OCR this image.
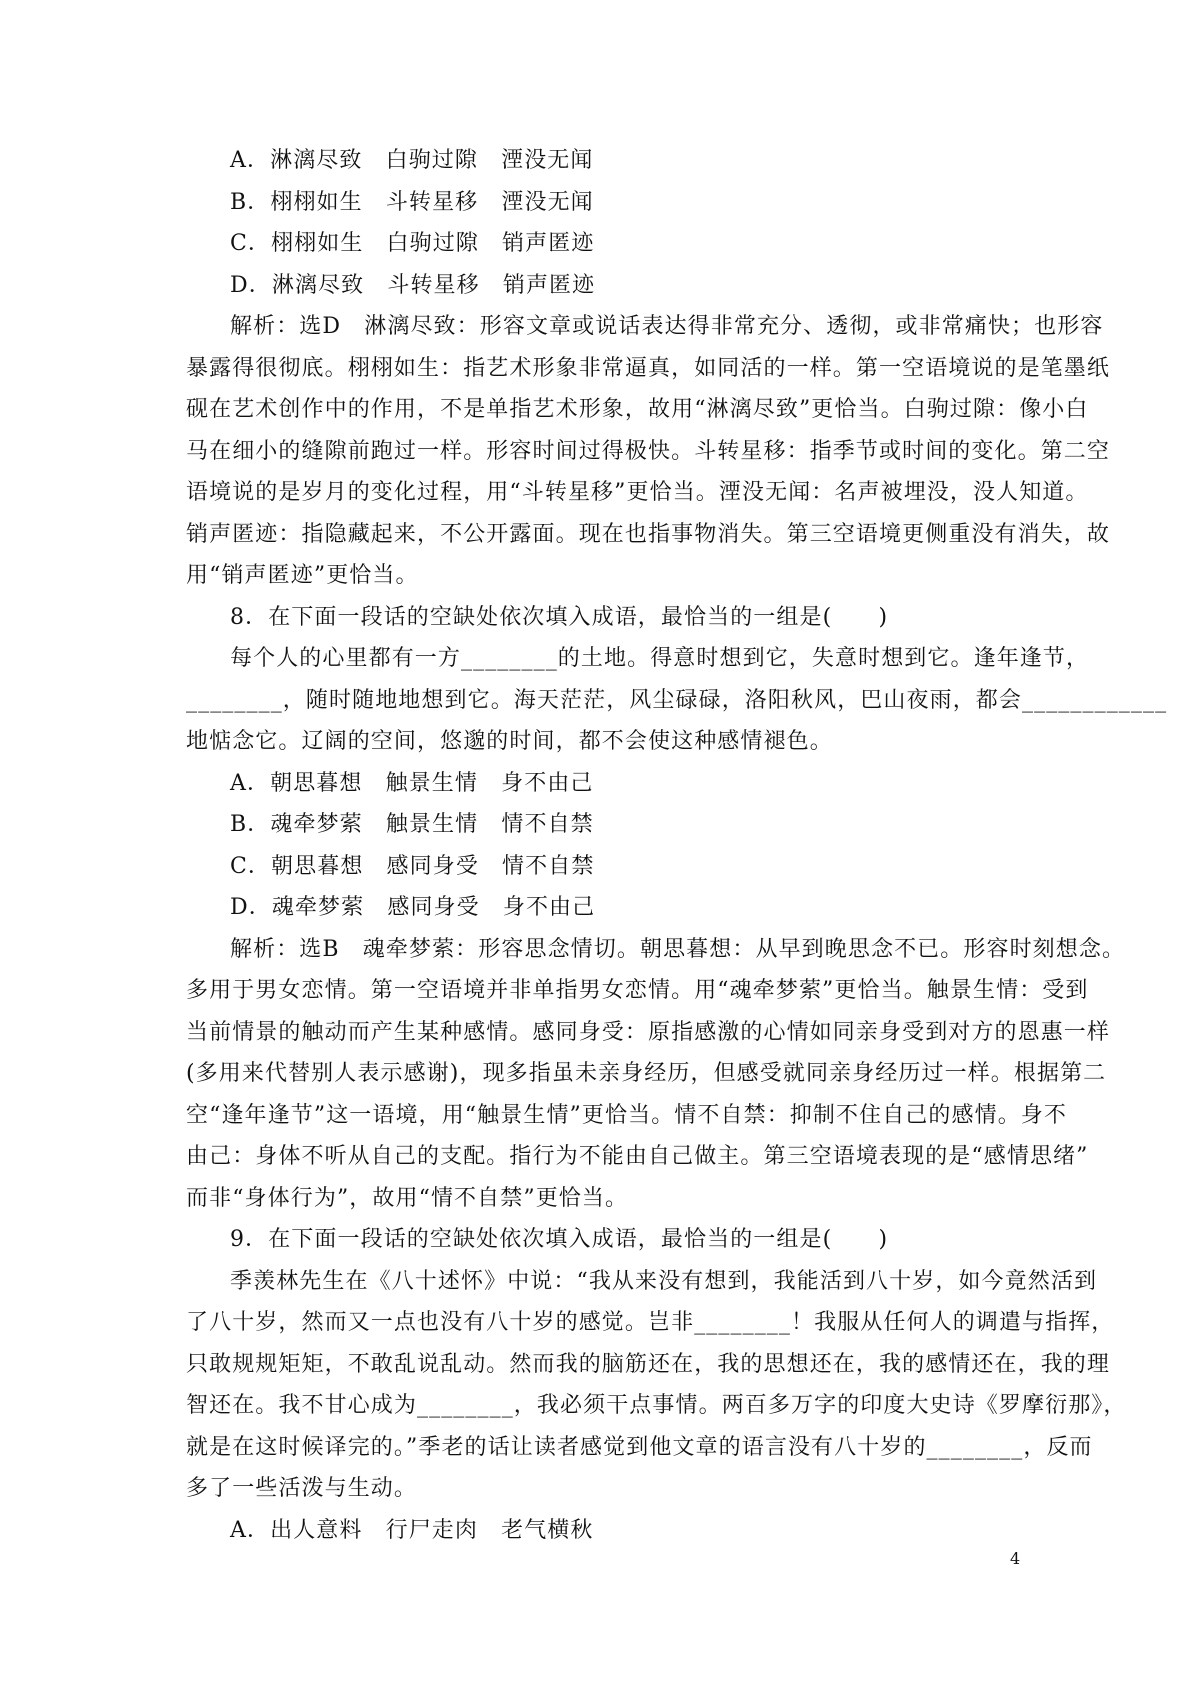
A．淋漓尽致　白驹过隙　湮没无闻
B．栩栩如生　斗转星移　湮没无闻
C．栩栩如生　白驹过隙　销声匿迹
D．淋漓尽致　斗转星移　销声匿迹
解析：选D　淋漓尽致：形容文章或说话表达得非常充分、透彻，或非常痛快；也形容
暴露得很彻底。栩栩如生：指艺术形象非常逼真，如同活的一样。第一空语境说的是笔墨纸
砚在艺术创作中的作用，不是单指艺术形象，故用“淋漓尽致”更恰当。白驹过隙：像小白
马在细小的缝隙前跑过一样。形容时间过得极快。斗转星移：指季节或时间的变化。第二空
语境说的是岁月的变化过程，用“斗转星移”更恰当。湮没无闻：名声被埋没，没人知道。
销声匿迹：指隐藏起来，不公开露面。现在也指事物消失。第三空语境更侧重没有消失，故
用“销声匿迹”更恰当。
8．在下面一段话的空缺处依次填入成语，最恰当的一组是(　　)
每个人的心里都有一方________的土地。得意时想到它，失意时想到它。逢年逢节，
________，随时随地地想到它。海天茫茫，风尘碌碌，洛阳秋风，巴山夜雨，都会____________
地惦念它。辽阔的空间，悠邈的时间，都不会使这种感情褪色。
A．朝思暮想　触景生情　身不由己
B．魂牵梦萦　触景生情　情不自禁
C．朝思暮想　感同身受　情不自禁
D．魂牵梦萦　感同身受　身不由己
解析：选B　魂牵梦萦：形容思念情切。朝思暮想：从早到晚思念不已。形容时刻想念。
多用于男女恋情。第一空语境并非单指男女恋情。用“魂牵梦萦”更恰当。触景生情：受到
当前情景的触动而产生某种感情。感同身受：原指感激的心情如同亲身受到对方的恩惠一样
(多用来代替别人表示感谢)，现多指虽未亲身经历，但感受就同亲身经历过一样。根据第二
空“逢年逢节”这一语境，用“触景生情”更恰当。情不自禁：抑制不住自己的感情。身不
由己：身体不听从自己的支配。指行为不能由自己做主。第三空语境表现的是“感情思绪”
而非“身体行为”，故用“情不自禁”更恰当。
9．在下面一段话的空缺处依次填入成语，最恰当的一组是(　　)
季羡林先生在《八十述怀》中说：“我从来没有想到，我能活到八十岁，如今竟然活到
了八十岁，然而又一点也没有八十岁的感觉。岂非________！我服从任何人的调遣与指挥，
只敢规规矩矩，不敢乱说乱动。然而我的脑筋还在，我的思想还在，我的感情还在，我的理
智还在。我不甘心成为________，我必须干点事情。两百多万字的印度大史诗《罗摩衍那》，
就是在这时候译完的。”季老的话让读者感觉到他文章的语言没有八十岁的________，反而
多了一些活泼与生动。
A．出人意料　行尸走肉　老气横秋
4
